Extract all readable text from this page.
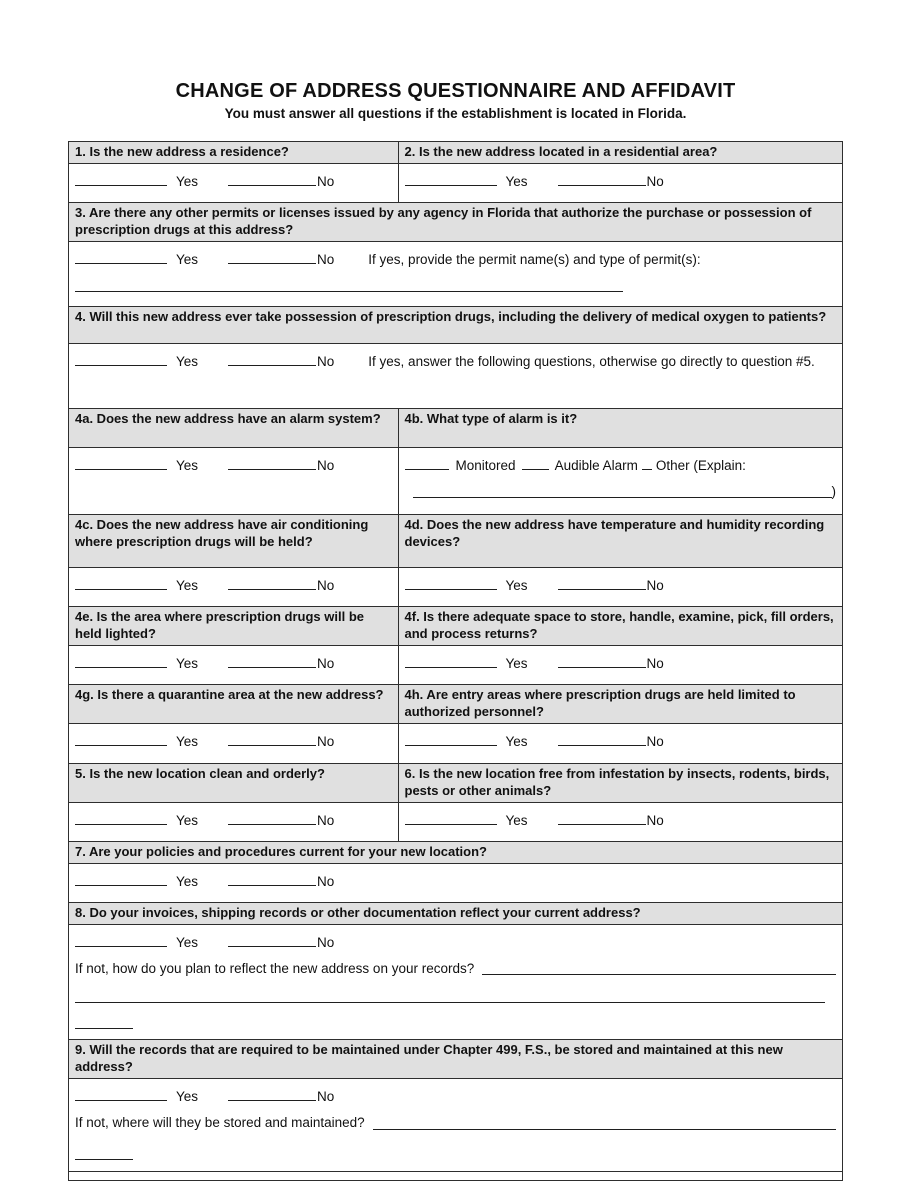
CHANGE OF ADDRESS QUESTIONNAIRE AND AFFIDAVIT
You must answer all questions if the establishment is located in Florida.
1. Is the new address a residence?	2. Is the new address located in a residential area?
Yes	No	Yes	No
3. Are there any other permits or licenses issued by any agency in Florida that authorize the purchase or possession of prescription drugs at this address?
Yes	No	If yes, provide the permit name(s) and type of permit(s):
4. Will this new address ever take possession of prescription drugs, including the delivery of medical oxygen to patients?
Yes	No	If yes, answer the following questions, otherwise go directly to question #5.
4a. Does the new address have an alarm system?	4b. What type of alarm is it?
Yes	No	Monitored	Audible Alarm Other (Explain:
)
4c. Does the new address have air conditioning where prescription drugs will be held?
4d. Does the new address have temperature and humidity recording devices?
Yes	No	Yes	No
4e. Is the area where prescription drugs will be held lighted?
4f. Is there adequate space to store, handle, examine, pick, fill orders, and process returns?
Yes	No	Yes	No
4g. Is there a quarantine area at the new address?	4h. Are entry areas where prescription drugs are held limited to authorized personnel?
Yes	No	Yes	No
5. Is the new location clean and orderly?	6. Is the new location free from infestation by insects, rodents, birds, pests or other animals?
Yes	No	Yes	No
7. Are your policies and procedures current for your new location?
Yes	No
8. Do your invoices, shipping records or other documentation reflect your current address?
Yes	No
If not, how do you plan to reflect the new address on your records?
9. Will the records that are required to be maintained under Chapter 499, F.S., be stored and maintained at this new address?
Yes	No
If not, where will they be stored and maintained?
